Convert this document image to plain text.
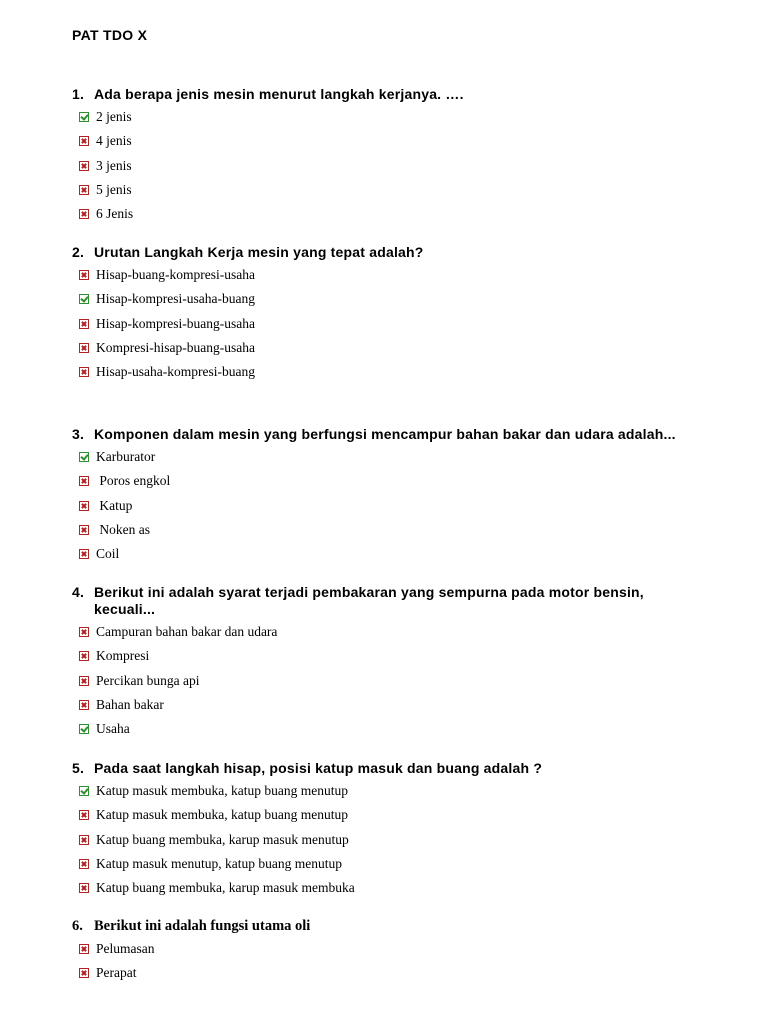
PAT TDO X
1. Ada berapa jenis mesin menurut langkah kerjanya. ….
2 jenis
4 jenis
3 jenis
5 jenis
6 Jenis
2. Urutan Langkah Kerja mesin yang tepat adalah?
Hisap-buang-kompresi-usaha
Hisap-kompresi-usaha-buang
Hisap-kompresi-buang-usaha
Kompresi-hisap-buang-usaha
Hisap-usaha-kompresi-buang
3. Komponen dalam mesin yang berfungsi mencampur bahan bakar dan udara adalah...
Karburator
Poros engkol
Katup
Noken as
Coil
4. Berikut ini adalah syarat terjadi pembakaran yang sempurna pada motor bensin, kecuali...
Campuran bahan bakar dan udara
Kompresi
Percikan bunga api
Bahan bakar
Usaha
5. Pada saat langkah hisap, posisi katup masuk dan buang adalah ?
Katup masuk membuka, katup buang menutup
Katup masuk membuka, katup buang menutup
Katup buang membuka, karup masuk menutup
Katup masuk menutup, katup buang menutup
Katup buang membuka, karup masuk membuka
6. Berikut ini adalah fungsi utama oli
Pelumasan
Perapat
